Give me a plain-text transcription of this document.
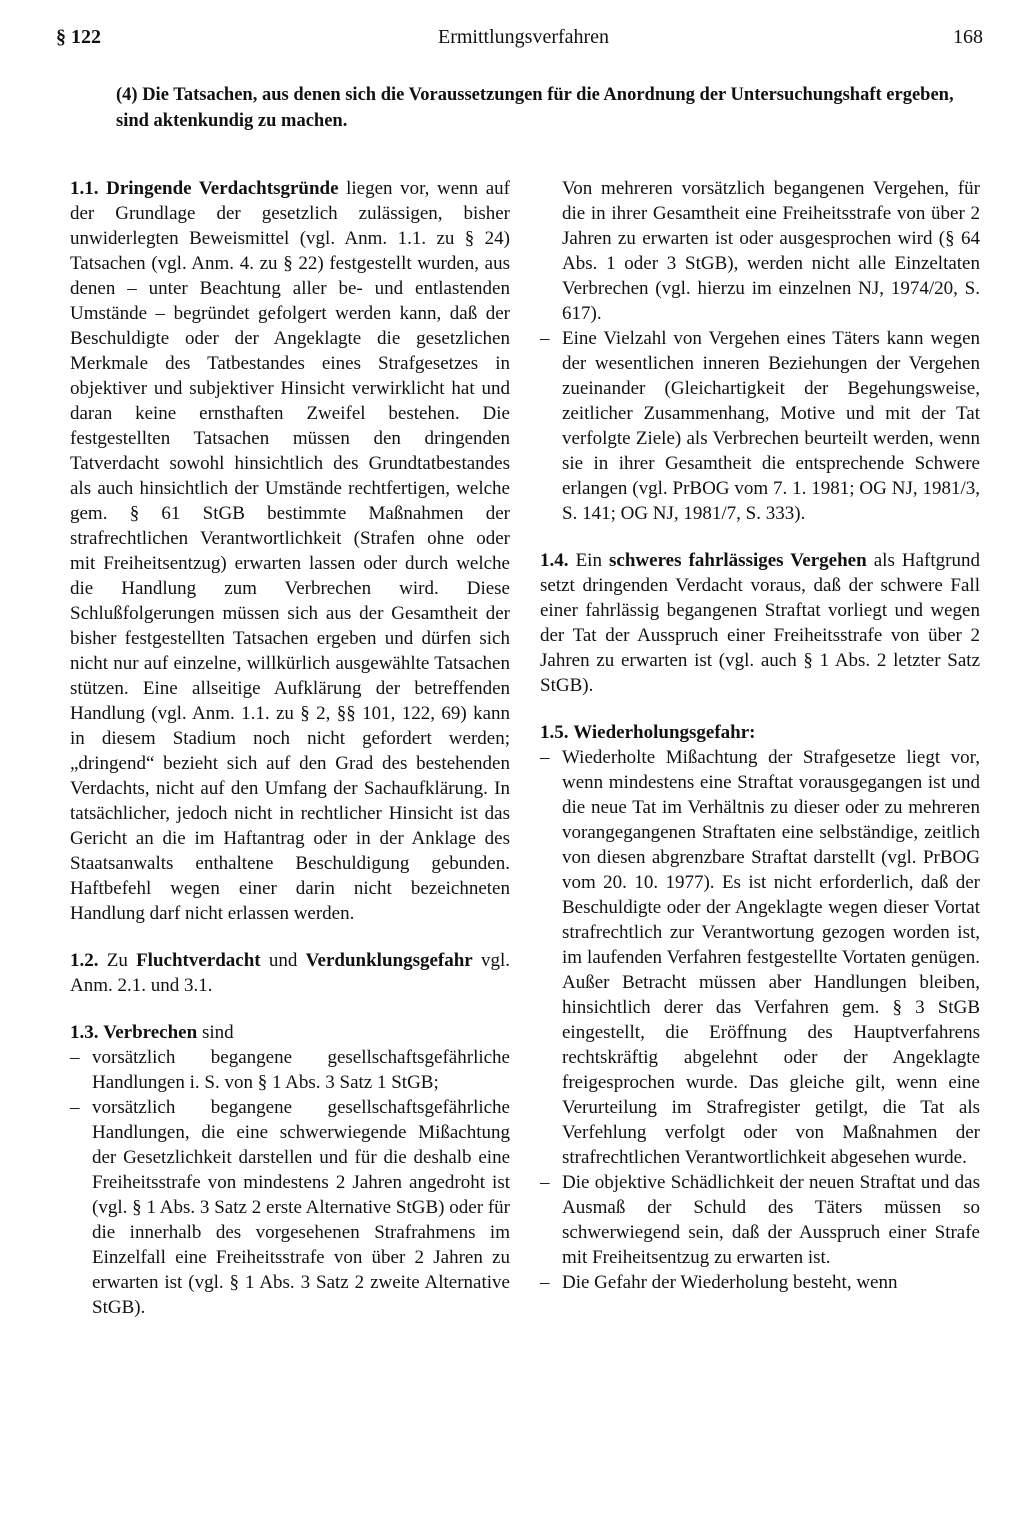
§ 122	Ermittlungsverfahren	168
(4) Die Tatsachen, aus denen sich die Voraussetzungen für die Anordnung der Untersuchungshaft ergeben, sind aktenkundig zu machen.

1.1. Dringende Verdachtsgründe liegen vor, wenn auf der Grundlage der gesetzlich zulässigen, bisher unwiderlegten Beweismittel (vgl. Anm. 1.1. zu § 24) Tatsachen (vgl. Anm. 4. zu § 22) festgestellt wurden, aus denen – unter Beachtung aller be- und entlastenden Umstände – begründet gefolgert werden kann, daß der Beschuldigte oder der Angeklagte die gesetzlichen Merkmale des Tatbestandes eines Strafgesetzes in objektiver und subjektiver Hinsicht verwirklicht hat und daran keine ernsthaften Zweifel bestehen. Die festgestellten Tatsachen müssen den dringenden Tatverdacht sowohl hinsichtlich des Grundtatbestandes als auch hinsichtlich der Umstände rechtfertigen, welche gem. § 61 StGB bestimmte Maßnahmen der strafrechtlichen Verantwortlichkeit (Strafen ohne oder mit Freiheitsentzug) erwarten lassen oder durch welche die Handlung zum Verbrechen wird. Diese Schlußfolgerungen müssen sich aus der Gesamtheit der bisher festgestellten Tatsachen ergeben und dürfen sich nicht nur auf einzelne, willkürlich ausgewählte Tatsachen stützen. Eine allseitige Aufklärung der betreffenden Handlung (vgl. Anm. 1.1. zu § 2, §§ 101, 122, 69) kann in diesem Stadium noch nicht gefordert werden; „dringend“ bezieht sich auf den Grad des bestehenden Verdachts, nicht auf den Umfang der Sachaufklärung. In tatsächlicher, jedoch nicht in rechtlicher Hinsicht ist das Gericht an die im Haftantrag oder in der Anklage des Staatsanwalts enthaltene Beschuldigung gebunden. Haftbefehl wegen einer darin nicht bezeichneten Handlung darf nicht erlassen werden.

1.2. Zu Fluchtverdacht und Verdunklungsgefahr vgl. Anm. 2.1. und 3.1.

1.3. Verbrechen sind

– vorsätzlich begangene gesellschaftsgefährliche Handlungen i. S. von § 1 Abs. 3 Satz 1 StGB;
– vorsätzlich begangene gesellschaftsgefährliche Handlungen, die eine schwerwiegende Mißachtung der Gesetzlichkeit darstellen und für die deshalb eine Freiheitsstrafe von mindestens 2 Jahren angedroht ist (vgl. § 1 Abs. 3 Satz 2 erste Alternative StGB) oder für die innerhalb des vorgesehenen Strafrahmens im Einzelfall eine Freiheitsstrafe von über 2 Jahren zu erwarten ist (vgl. § 1 Abs. 3 Satz 2 zweite Alternative StGB).

Von mehreren vorsätzlich begangenen Vergehen, für die in ihrer Gesamtheit eine Freiheitsstrafe von über 2 Jahren zu erwarten ist oder ausgesprochen wird (§ 64 Abs. 1 oder 3 StGB), werden nicht alle Einzeltaten Verbrechen (vgl. hierzu im einzelnen NJ, 1974/20, S. 617).

– Eine Vielzahl von Vergehen eines Täters kann wegen der wesentlichen inneren Beziehungen der Vergehen zueinander (Gleichartigkeit der Begehungsweise, zeitlicher Zusammenhang, Motive und mit der Tat verfolgte Ziele) als Verbrechen beurteilt werden, wenn sie in ihrer Gesamtheit die entsprechende Schwere erlangen (vgl. PrBOG vom 7. 1. 1981; OG NJ, 1981/3, S. 141; OG NJ, 1981/7, S. 333).

1.4. Ein schweres fahrlässiges Vergehen als Haftgrund setzt dringenden Verdacht voraus, daß der schwere Fall einer fahrlässig begangenen Straftat vorliegt und wegen der Tat der Ausspruch einer Freiheitsstrafe von über 2 Jahren zu erwarten ist (vgl. auch § 1 Abs. 2 letzter Satz StGB).

1.5. Wiederholungsgefahr:

– Wiederholte Mißachtung der Strafgesetze liegt vor, wenn mindestens eine Straftat vorausgegangen ist und die neue Tat im Verhältnis zu dieser oder zu mehreren vorangegangenen Straftaten eine selbständige, zeitlich von diesen abgrenzbare Straftat darstellt (vgl. PrBOG vom 20. 10. 1977). Es ist nicht erforderlich, daß der Beschuldigte oder der Angeklagte wegen dieser Vortat strafrechtlich zur Verantwortung gezogen worden ist, im laufenden Verfahren festgestellte Vortaten genügen. Außer Betracht müssen aber Handlungen bleiben, hinsichtlich derer das Verfahren gem. § 3 StGB eingestellt, die Eröffnung des Hauptverfahrens rechtskräftig abgelehnt oder der Angeklagte freigesprochen wurde. Das gleiche gilt, wenn eine Verurteilung im Strafregister getilgt, die Tat als Verfehlung verfolgt oder von Maßnahmen der strafrechtlichen Verantwortlichkeit abgesehen wurde.
– Die objektive Schädlichkeit der neuen Straftat und das Ausmaß der Schuld des Täters müssen so schwerwiegend sein, daß der Ausspruch einer Strafe mit Freiheitsentzug zu erwarten ist.
– Die Gefahr der Wiederholung besteht, wenn
